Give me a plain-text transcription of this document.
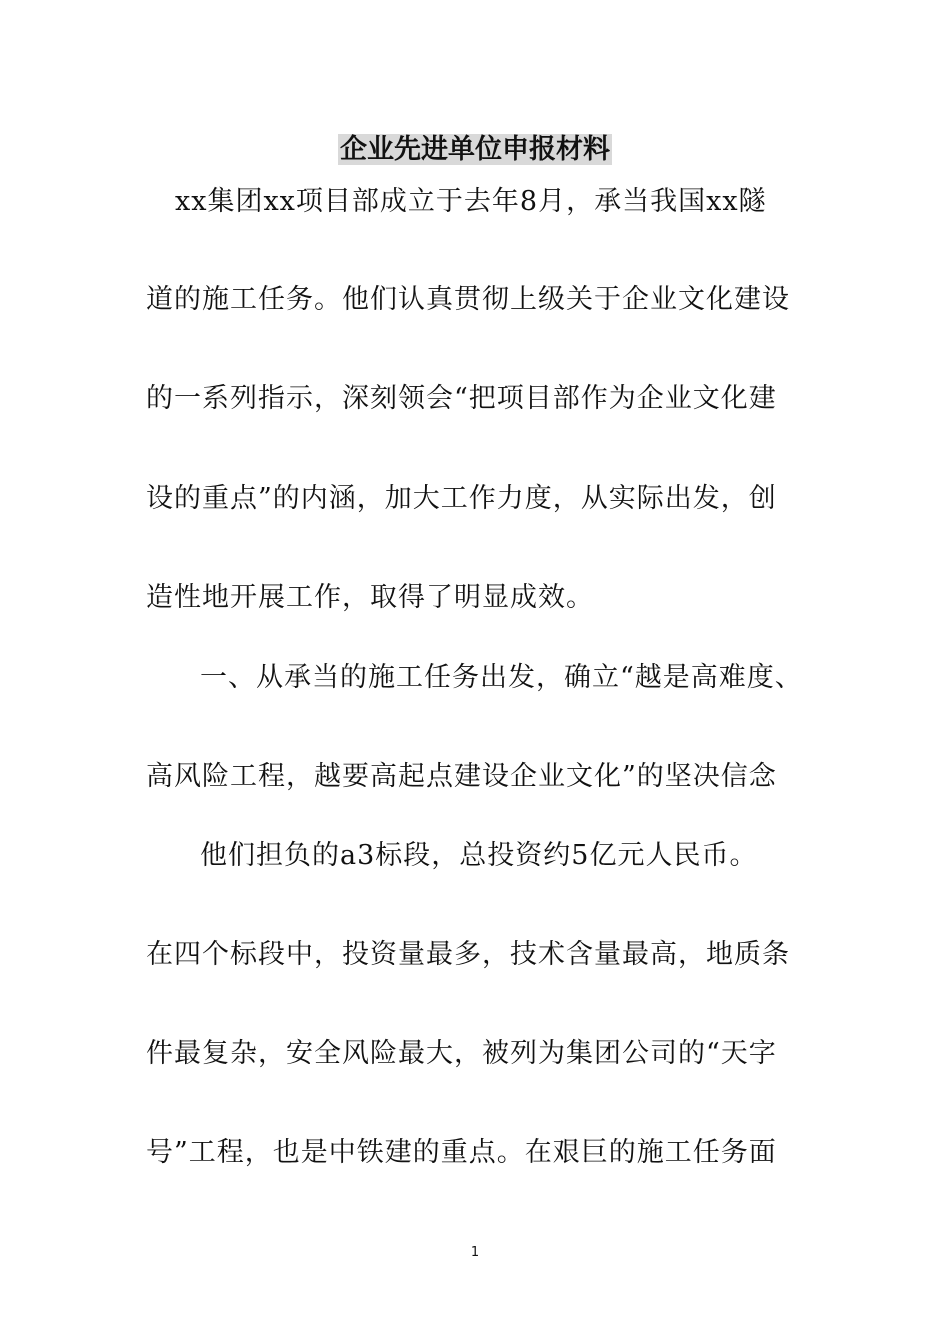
企业先进单位申报材料
xx集团xx项目部成立于去年8月，承当我国xx隧
道的施工任务。他们认真贯彻上级关于企业文化建设
的一系列指示，深刻领会“把项目部作为企业文化建
设的重点”的内涵，加大工作力度，从实际出发，创
造性地开展工作，取得了明显成效。
一、从承当的施工任务出发，确立“越是高难度、
高风险工程，越要高起点建设企业文化”的坚决信念
他们担负的a3标段，总投资约5亿元人民币。
在四个标段中，投资量最多，技术含量最高，地质条
件最复杂，安全风险最大，被列为集团公司的“天字
号”工程，也是中铁建的重点。在艰巨的施工任务面
1
